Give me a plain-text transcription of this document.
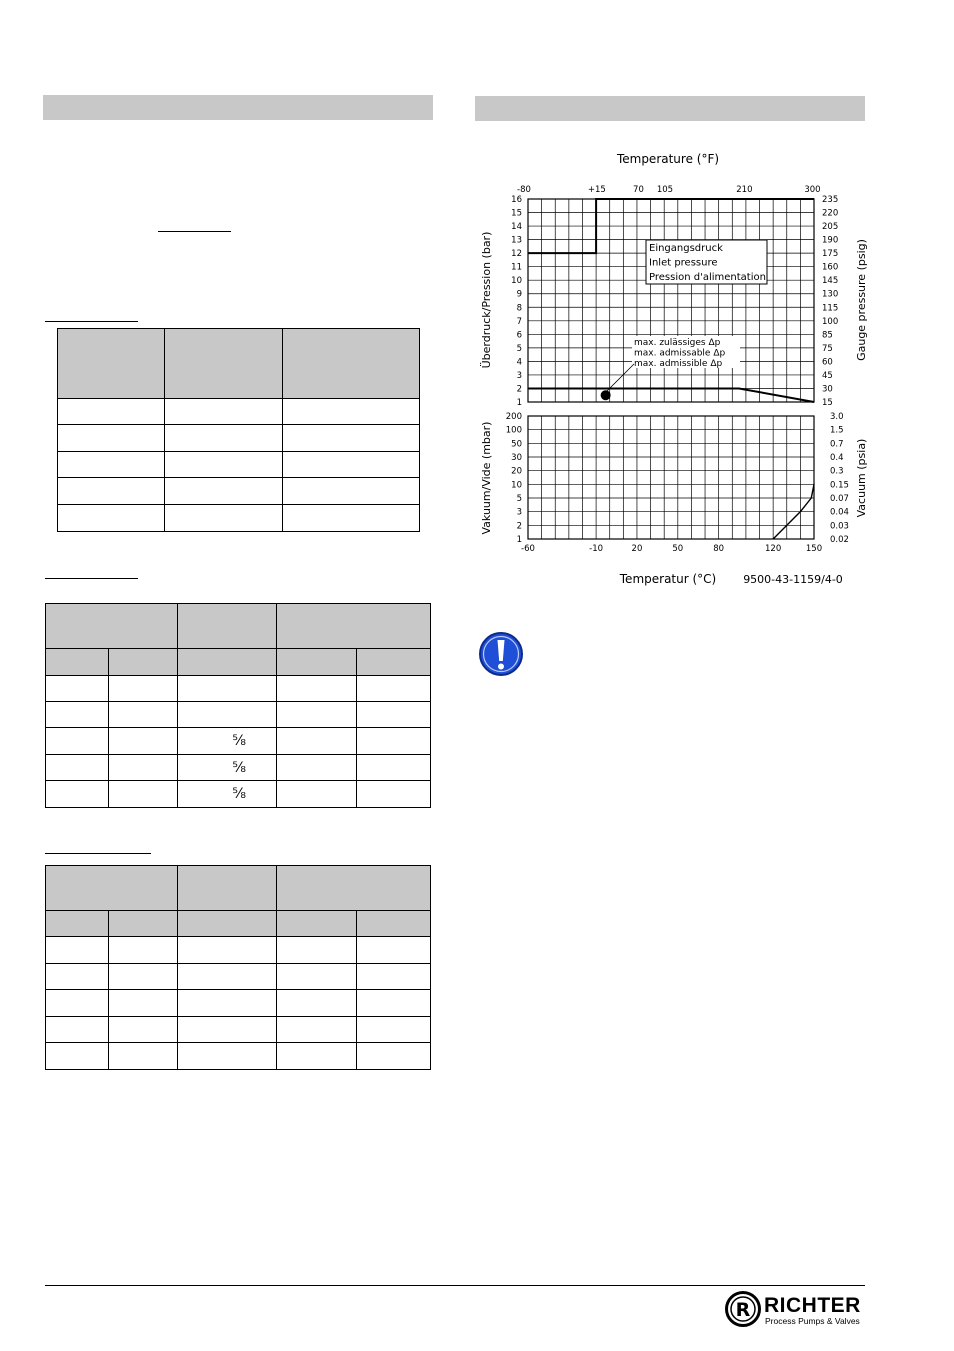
		⅝		
		⅝		
		⅝		

1
2
3
4
5
6
7
8
9
10
11
12
13
14
15
16
15
30
45
60
75
85
100
115
130
145
160
175
190
205
220
235
1
2
3
5
10
20
30
50
100
200
0.02
0.03
0.04
0.07
0.15
0.3
0.4
0.7
1.5
3.0
-80	+15	70 105	210	300
-60	-10	20	50	80	120	150
Temperature (°F)
Temperatur (°C) 9500-43-1159/4-0
Überdruck/Pression (bar)	Gauge pressure (psig)
Vakuum/Vide (mbar)	Vacuum (psia)
Eingangsdruck
Inlet pressure
Pression d'alimentation
max. zulässiges Δp
max. admissable Δp
max. admissible Δp
R RICHTER
Process Pumps & Valves
